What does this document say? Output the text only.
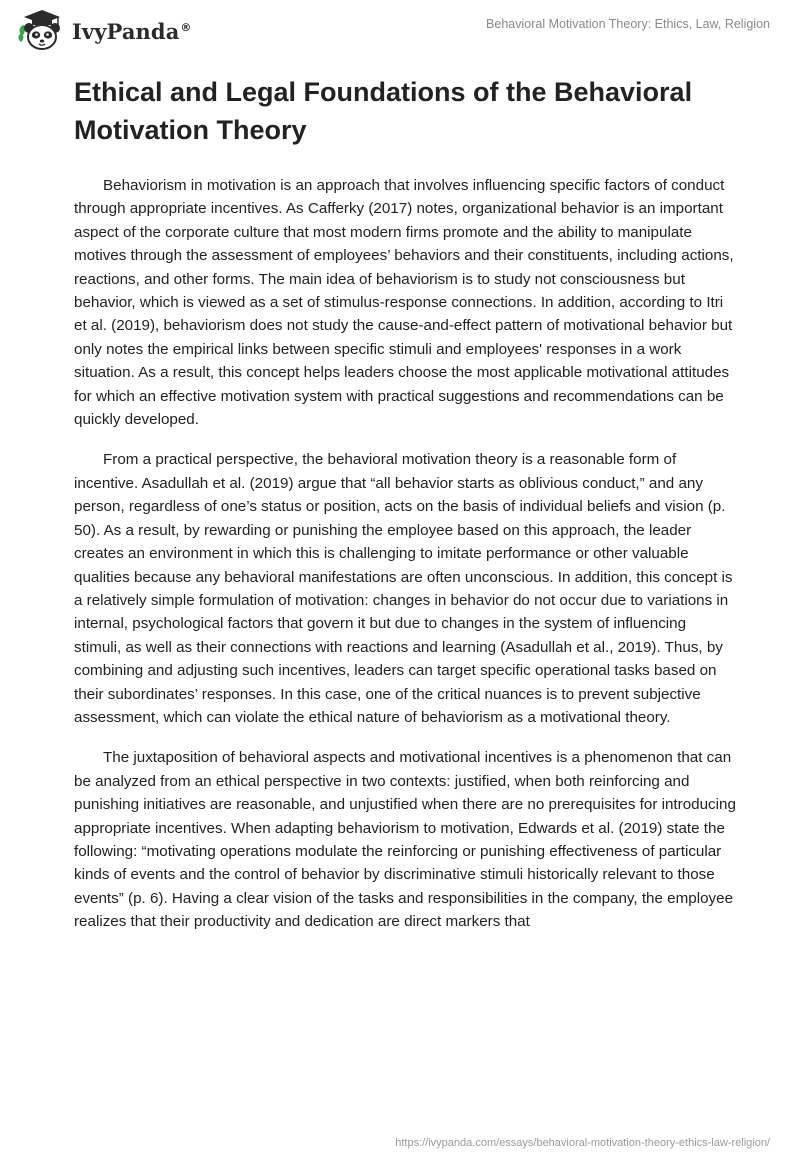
IvyPanda®	Behavioral Motivation Theory: Ethics, Law, Religion
Ethical and Legal Foundations of the Behavioral Motivation Theory

Behaviorism in motivation is an approach that involves influencing specific factors of conduct through appropriate incentives. As Cafferky (2017) notes, organizational behavior is an important aspect of the corporate culture that most modern firms promote and the ability to manipulate motives through the assessment of employees’ behaviors and their constituents, including actions, reactions, and other forms. The main idea of behaviorism is to study not consciousness but behavior, which is viewed as a set of stimulus-response connections. In addition, according to Itri et al. (2019), behaviorism does not study the cause-and-effect pattern of motivational behavior but only notes the empirical links between specific stimuli and employees' responses in a work situation. As a result, this concept helps leaders choose the most applicable motivational attitudes for which an effective motivation system with practical suggestions and recommendations can be quickly developed.

From a practical perspective, the behavioral motivation theory is a reasonable form of incentive. Asadullah et al. (2019) argue that “all behavior starts as oblivious conduct,” and any person, regardless of one’s status or position, acts on the basis of individual beliefs and vision (p. 50). As a result, by rewarding or punishing the employee based on this approach, the leader creates an environment in which this is challenging to imitate performance or other valuable qualities because any behavioral manifestations are often unconscious. In addition, this concept is a relatively simple formulation of motivation: changes in behavior do not occur due to variations in internal, psychological factors that govern it but due to changes in the system of influencing stimuli, as well as their connections with reactions and learning (Asadullah et al., 2019). Thus, by combining and adjusting such incentives, leaders can target specific operational tasks based on their subordinates’ responses. In this case, one of the critical nuances is to prevent subjective assessment, which can violate the ethical nature of behaviorism as a motivational theory.

The juxtaposition of behavioral aspects and motivational incentives is a phenomenon that can be analyzed from an ethical perspective in two contexts: justified, when both reinforcing and punishing initiatives are reasonable, and unjustified when there are no prerequisites for introducing appropriate incentives. When adapting behaviorism to motivation, Edwards et al. (2019) state the following: “motivating operations modulate the reinforcing or punishing effectiveness of particular kinds of events and the control of behavior by discriminative stimuli historically relevant to those events” (p. 6). Having a clear vision of the tasks and responsibilities in the company, the employee realizes that their productivity and dedication are direct markers that

https://ivypanda.com/essays/behavioral-motivation-theory-ethics-law-religion/
